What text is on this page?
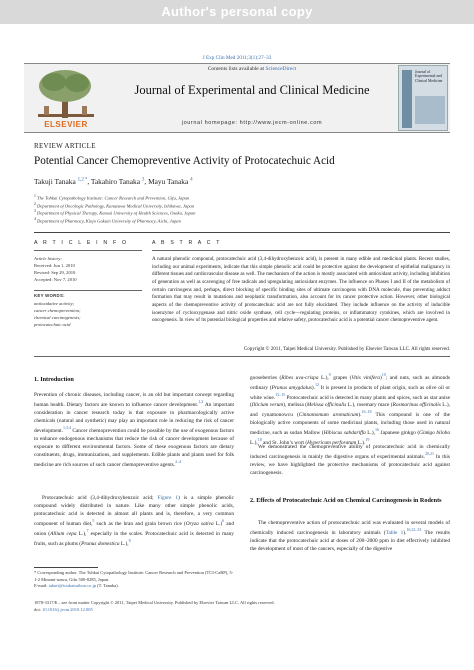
Author's personal copy
J Exp Clin Med 2011;3(1):27–33
ELSEVIER
Contents lists available at ScienceDirect
Journal of Experimental and Clinical Medicine
journal homepage: http://www.jecm-online.com
Journal of Experimental and Clinical Medicine
REVIEW ARTICLE
Potential Cancer Chemopreventive Activity of Protocatechuic Acid
Takuji Tanaka $^{1,2 *}$, Takahiro Tanaka $^3$, Mayu Tanaka $^4$
$^1$ The Tohkai Cytopathology Institute: Cancer Research and Prevention, Gifu, Japan
$^2$ Department of Oncologic Pathology, Kanazawa Medical University, Ishikawa, Japan
$^3$ Department of Physical Therapy, Kansai University of Health Sciences, Osaka, Japan
$^4$ Department of Pharmacy, Kinjo Gakuin University of Pharmacy, Aichi, Japan
A R T I C L E I N F O	A B S T R A C T
Article history:
Received: Jun 1, 2010
Revised: Sep 29, 2010
Accepted: Nov 7, 2010
KEY WORDS:
antioxidative activity;
cancer chemoprevention;
chemical carcinogenesis;
protocatechuic acid
A natural phenolic compound, protocatechuic acid (3,4-dihydroxybenzoic acid), is present in many edible and medicinal plants. Recent studies, including our animal experiments, indicate that this simple phenolic acid could be protective against the development of epithelial malignancy in different tissues and cardiovascular disease as well. The mechanism of the action is mostly associated with antioxidant activity, including inhibition of generation as well as scavenging of free radicals and upregulating antioxidant enzymes. The influence on Phases I and II of the metabolism of certain carcinogens and, perhaps, direct blocking of specific binding sites of ultimate carcinogens with DNA molecule, thus preventing adduct formation that may result in mutations and neoplastic transformation, also account for its cancer protective action. However, other biological aspects of the chemopreventive activity of protocatechuic acid are not fully elucidated. They include influence on the activity of inducible isoenzyme of cyclooxygenase and nitric oxide synthase, cell cycle—regulating proteins, or inflammatory cytokines, which are involved in oncogenesis. In view of its potential biological properties and relative safety, protocatechuic acid is a potential cancer chemopreventive agent.
Copyright © 2011, Taipei Medical University. Published by Elsevier Taiwan LLC. All rights reserved.
1. Introduction
Prevention of chronic diseases, including cancer, is an old but important concept regarding human health. Dietary factors are known to influence cancer development.$^{1,2}$ An important consideration in cancer research today is that exposure to pharmacologically active chemicals (natural and synthetic) may play an important role in reducing the risk of cancer development.$^{1,3,4}$ Cancer chemoprevention could be possible by the use of exogenous factors to enhance endogenous mechanisms that reduce the risk of cancer development because of exposure to different environmental factors. Some of these exogenous factors are dietary constituents, drugs, immunizations, and supplements. Edible plants and plants used for folk medicine are rich sources of such cancer chemopreventive agents.$^{2-4}$

Protocatechuic acid (3,4-dihydroxybenzoic acid; Figure 1) is a simple phenolic compound widely distributed in nature. Like many other simple phenolic acids, protocatechuic acid is detected in almost all plants and is, therefore, a very common component of human diet,$^5$ such as the bran and grain brown rice (Oryza sativa L.)$^6$ and onion (Allium cepa L.),$^7$ especially in the scales. Protocatechuic acid is detected in many fruits, such as plums (Prunus domestica L.),$^8$

gooseberries (Ribes uva-crispa L.),$^9$ grapes (Vitis vinifera)$^{10}$; and nuts, such as almonds ordinary (Prunus amygdalus).$^{12}$ It is present in products of plant origin, such as olive oil or white wine.$^{13-15}$ Protocatechuic acid is detected in many plants and spices, such as star anise (Illicium verum), melissa (Melissa officinalis L.), rosemary mace (Rosmarinus officinalis L.), and cynamonowcu (Cinnamomum aromaticum).$^{16-18}$ This compound is one of the biologically active components of some medicinal plants, including those used in natural medicine, such as sudan Mallow (Hibiscus sabdariffa L.),$^{16}$ Japanese ginkgo (Ginkgo biloba L.),$^{18}$ and St. John’s wort (Hypericum perforatum L.).$^{19}$

We demonstrated the chemopreventive ability of protocatechuic acid in chemically induced carcinogenesis in mainly the digestive organs of experimental animals.$^{20,21}$ In this review, we have highlighted the protective mechanisms of protocatechuic acid against carcinogenesis.

2. Effects of Protocatechuic Acid on Chemical Carcinogenesis in Rodents

The chemopreventive action of protocatechuic acid was evaluated in several models of chemically induced carcinogenesis in laboratory animals (Table 1).$^{16,22-33}$ The results indicate that the protocatechuic acid at doses of 200–2000 ppm in diet effectively inhibited the development of most of the cancers, especially of the digestive

* Corresponding author. The Tohkai Cytopathology Institute: Cancer Research and Prevention (TCI-CaRP), 5-1-2 Minami-uzura, Gifu 500-8285, Japan.
E-mail: takutt@toukaisaibou.co.jp (T. Tanaka).
1878-3317/$ – see front matter Copyright © 2011, Taipei Medical University. Published by Elsevier Taiwan LLC. All rights reserved.
doi: 10.1016/j.jecm.2010.12.005
